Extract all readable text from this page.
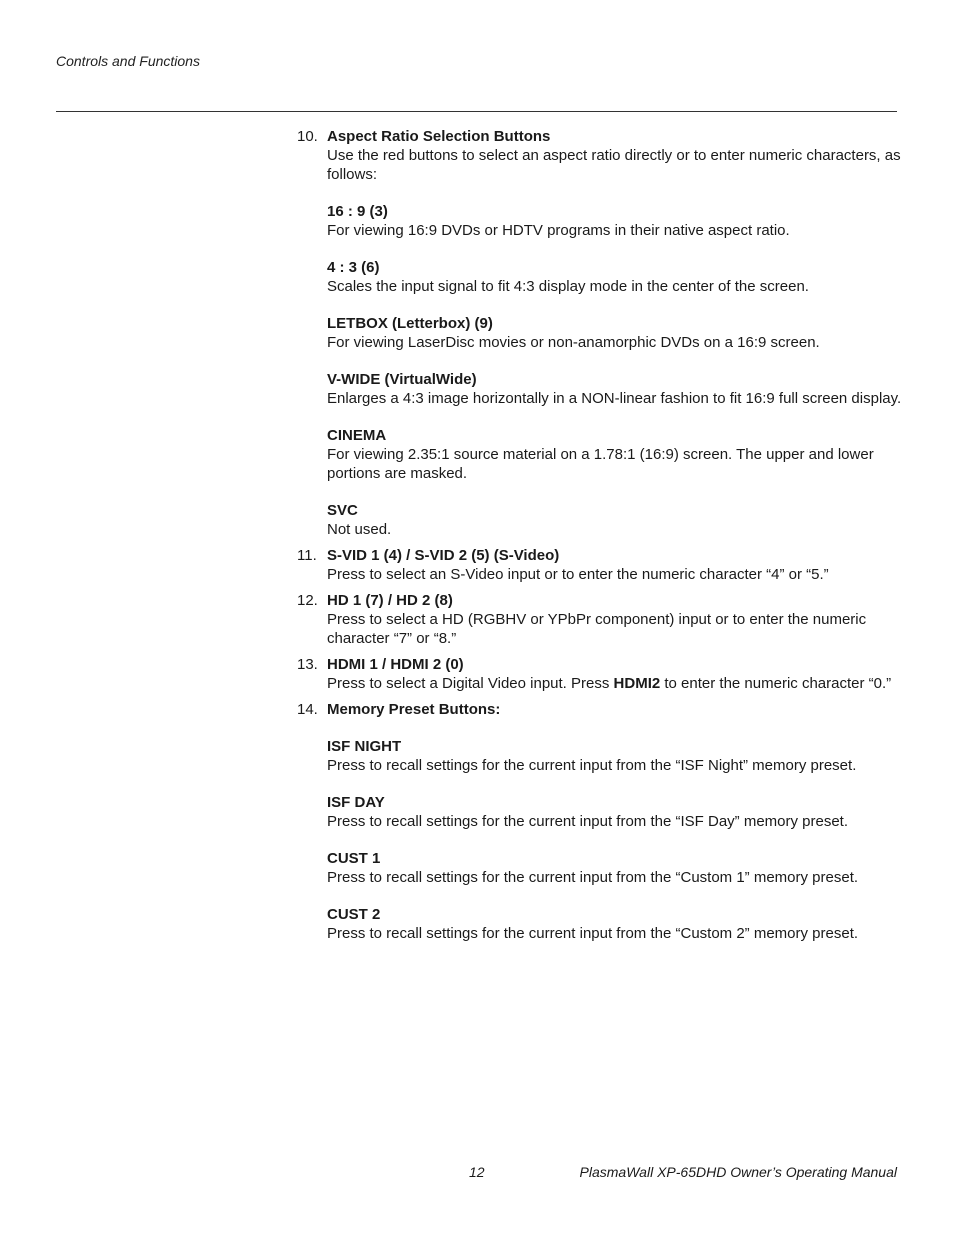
Controls and Functions
10. Aspect Ratio Selection Buttons

Use the red buttons to select an aspect ratio directly or to enter numeric characters, as follows:

16 : 9 (3)

For viewing 16:9 DVDs or HDTV programs in their native aspect ratio.

4 : 3 (6)

Scales the input signal to fit 4:3 display mode in the center of the screen.

LETBOX (Letterbox) (9)

For viewing LaserDisc movies or non-anamorphic DVDs on a 16:9 screen.

V-WIDE (VirtualWide)

Enlarges a 4:3 image horizontally in a NON-linear fashion to fit 16:9 full screen display.

CINEMA

For viewing 2.35:1 source material on a 1.78:1 (16:9) screen. The upper and lower portions are masked.

SVC

Not used.

11. S-VID 1 (4) / S-VID 2 (5) (S-Video)

Press to select an S-Video input or to enter the numeric character “4” or “5.”

12. HD 1 (7) / HD 2 (8)

Press to select a HD (RGBHV or YPbPr component) input or to enter the numeric character “7” or “8.”

13. HDMI 1 / HDMI 2 (0)

Press to select a Digital Video input. Press HDMI2 to enter the numeric character “0.”

14. Memory Preset Buttons:
ISF NIGHT

Press to recall settings for the current input from the “ISF Night” memory preset.

ISF DAY

Press to recall settings for the current input from the “ISF Day” memory preset.

CUST 1

Press to recall settings for the current input from the “Custom 1” memory preset.

CUST 2

Press to recall settings for the current input from the “Custom 2” memory preset.

12	PlasmaWall XP-65DHD Owner’s Operating Manual
